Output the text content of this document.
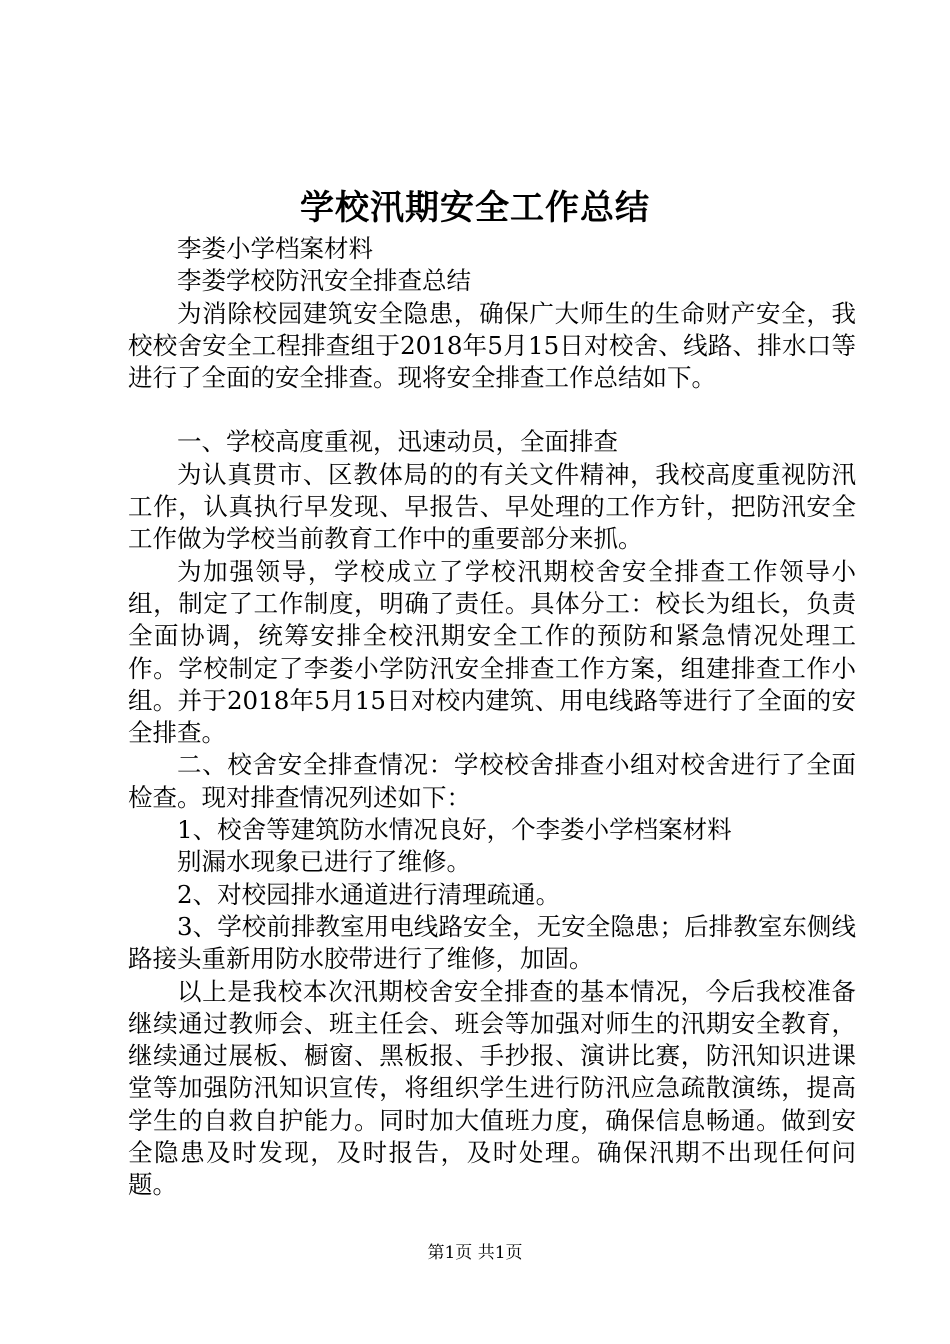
学校汛期安全工作总结

李娄小学档案材料

李娄学校防汛安全排查总结

为消除校园建筑安全隐患，确保广大师生的生命财产安全，我校校舍安全工程排查组于2018年5月15日对校舍、线路、排水口等进行了全面的安全排查。现将安全排查工作总结如下。

一、学校高度重视，迅速动员，全面排查

为认真贯市、区教体局的的有关文件精神，我校高度重视防汛工作，认真执行早发现、早报告、早处理的工作方针，把防汛安全工作做为学校当前教育工作中的重要部分来抓。

为加强领导，学校成立了学校汛期校舍安全排查工作领导小组，制定了工作制度，明确了责任。具体分工：校长为组长，负责全面协调，统筹安排全校汛期安全工作的预防和紧急情况处理工作。学校制定了李娄小学防汛安全排查工作方案，组建排查工作小组。并于2018年5月15日对校内建筑、用电线路等进行了全面的安全排查。

二、校舍安全排查情况：学校校舍排查小组对校舍进行了全面检查。现对排查情况列述如下：

1、校舍等建筑防水情况良好，个李娄小学档案材料

别漏水现象已进行了维修。

2、对校园排水通道进行清理疏通。

3、学校前排教室用电线路安全，无安全隐患；后排教室东侧线路接头重新用防水胶带进行了维修，加固。

以上是我校本次汛期校舍安全排查的基本情况，今后我校准备继续通过教师会、班主任会、班会等加强对师生的汛期安全教育，继续通过展板、橱窗、黑板报、手抄报、演讲比赛，防汛知识进课堂等加强防汛知识宣传，将组织学生进行防汛应急疏散演练，提高学生的自救自护能力。同时加大值班力度，确保信息畅通。做到安全隐患及时发现，及时报告，及时处理。确保汛期不出现任何问题。

第1页 共1页
